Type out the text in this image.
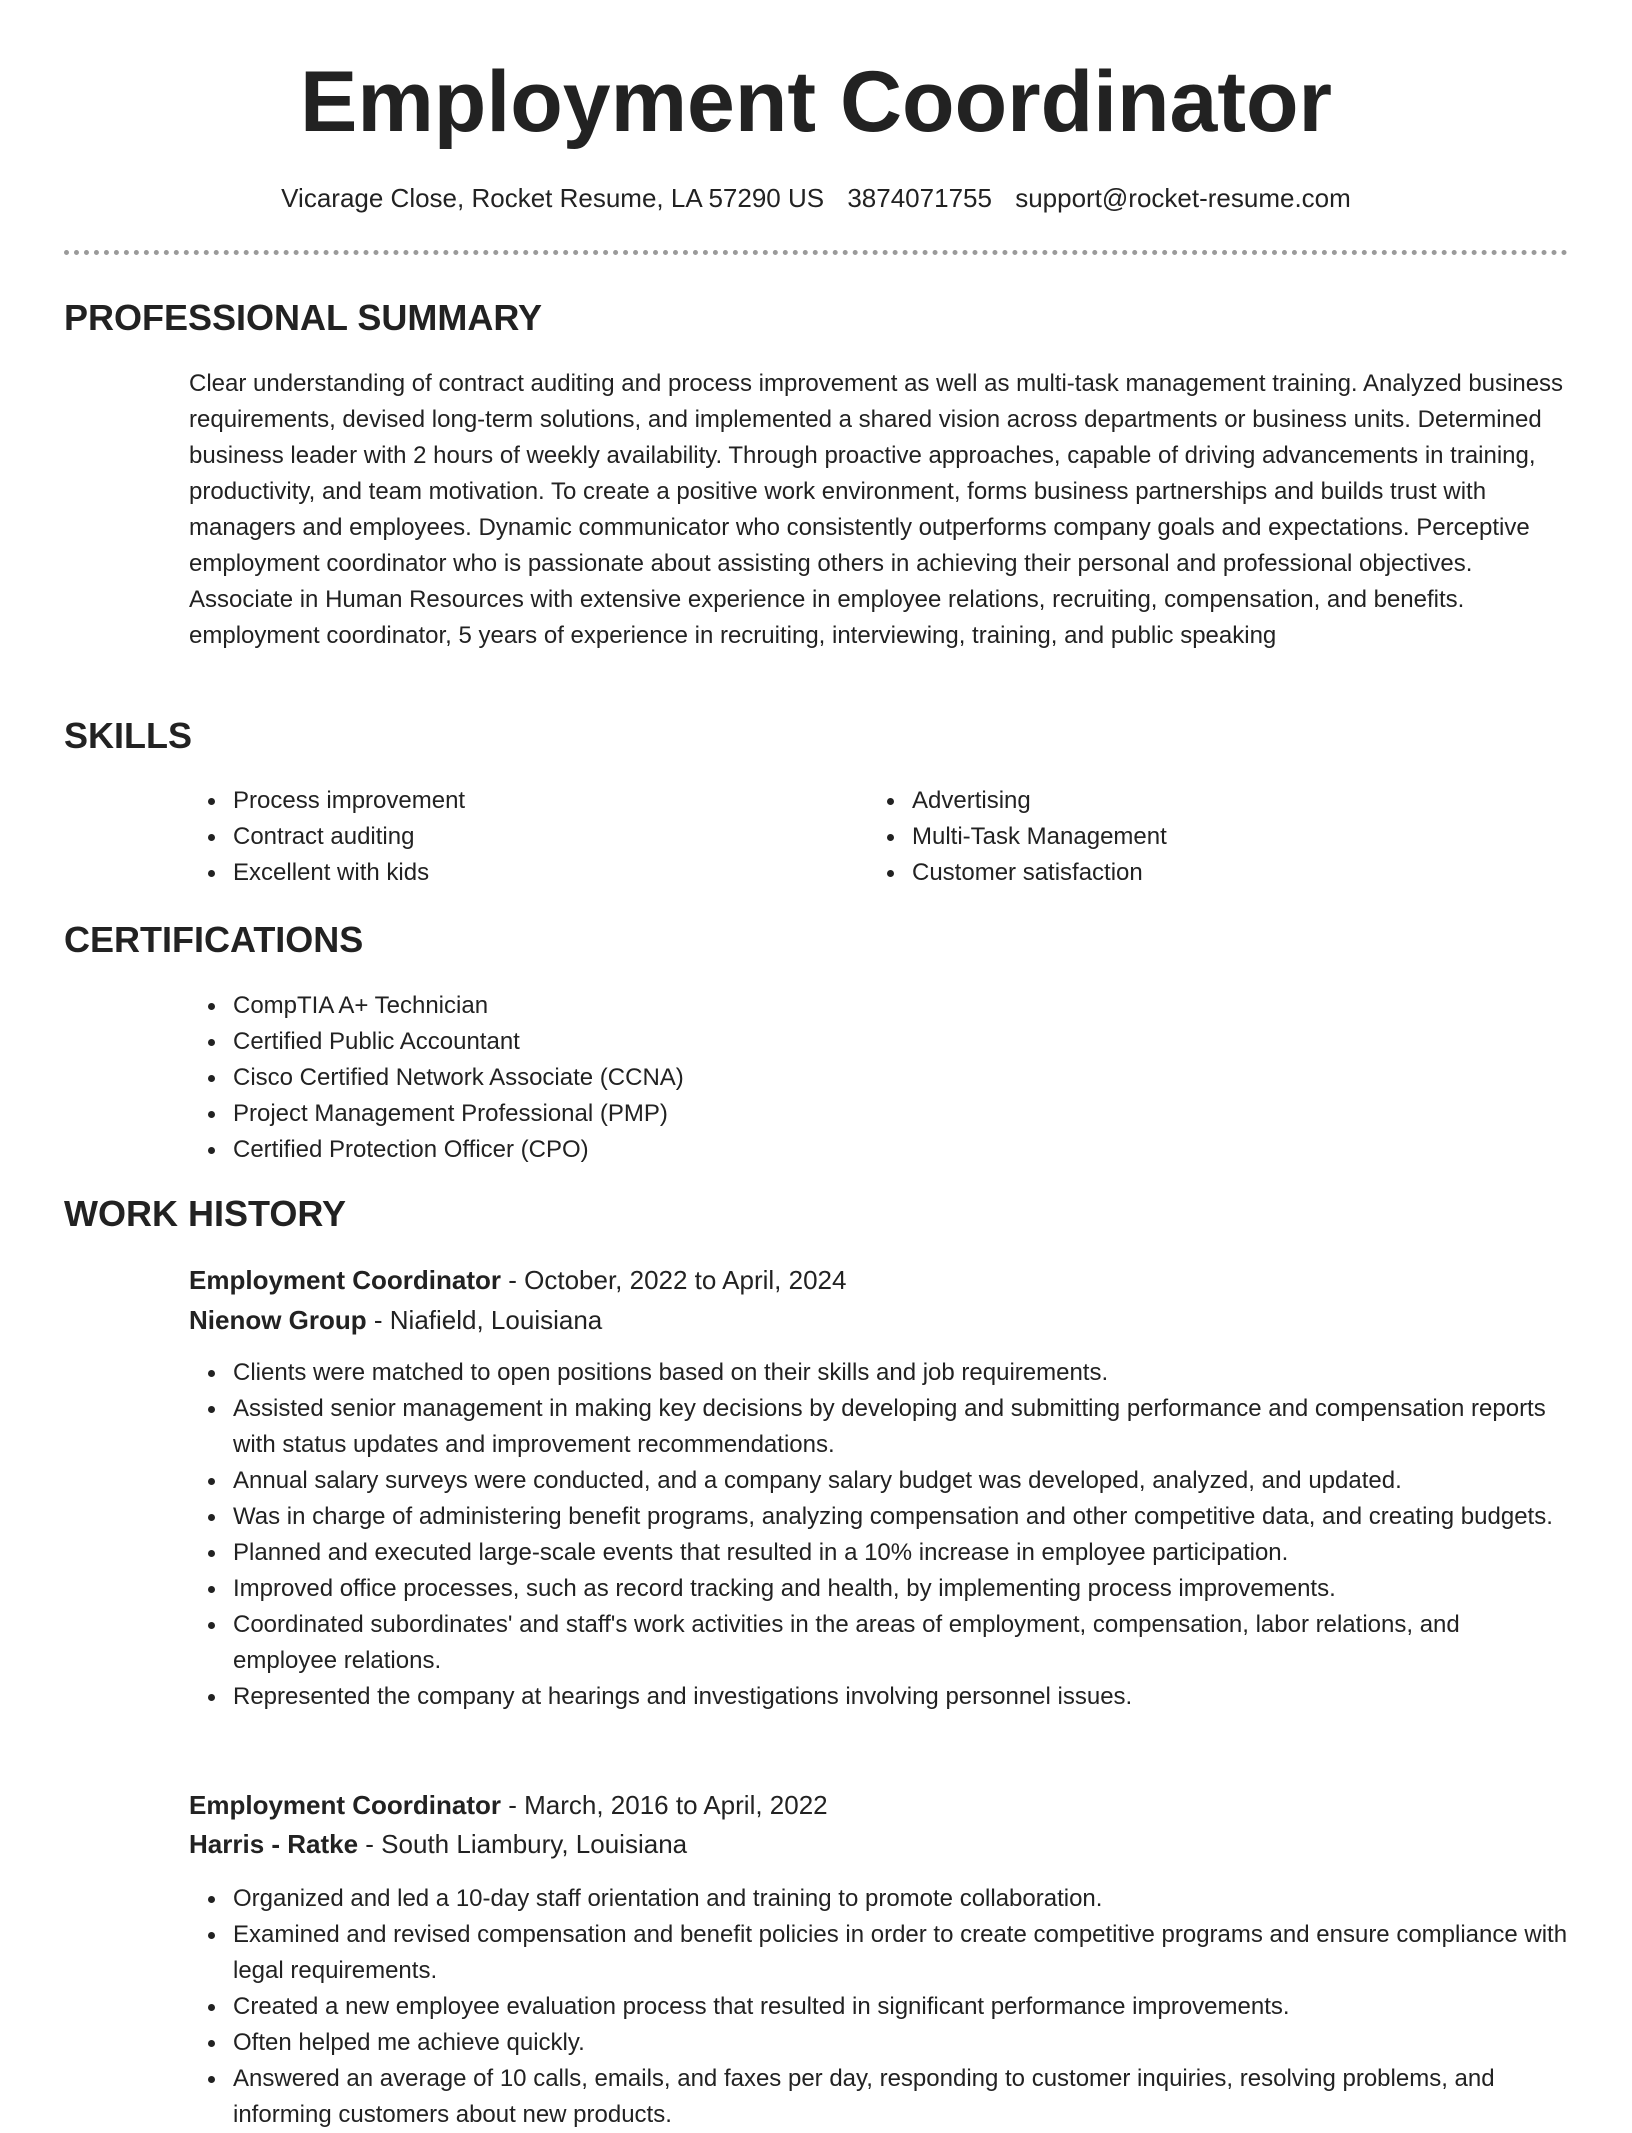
Employment Coordinator
Vicarage Close, Rocket Resume, LA 57290 US 3874071755 support@rocket-resume.com
PROFESSIONAL SUMMARY

Clear understanding of contract auditing and process improvement as well as multi-task management training. Analyzed business requirements, devised long-term solutions, and implemented a shared vision across departments or business units. Determined business leader with 2 hours of weekly availability. Through proactive approaches, capable of driving advancements in training, productivity, and team motivation. To create a positive work environment, forms business partnerships and builds trust with managers and employees. Dynamic communicator who consistently outperforms company goals and expectations. Perceptive employment coordinator who is passionate about assisting others in achieving their personal and professional objectives. Associate in Human Resources with extensive experience in employee relations, recruiting, compensation, and benefits. employment coordinator, 5 years of experience in recruiting, interviewing, training, and public speaking

SKILLS
Process improvement
Contract auditing
Excellent with kids
Advertising
Multi-Task Management
Customer satisfaction
CERTIFICATIONS
CompTIA A+ Technician
Certified Public Accountant
Cisco Certified Network Associate (CCNA)
Project Management Professional (PMP)
Certified Protection Officer (CPO)
WORK HISTORY
Employment Coordinator - October, 2022 to April, 2024
Nienow Group - Niafield, Louisiana
Clients were matched to open positions based on their skills and job requirements.
Assisted senior management in making key decisions by developing and submitting performance and compensation reports with status updates and improvement recommendations.
Annual salary surveys were conducted, and a company salary budget was developed, analyzed, and updated.
Was in charge of administering benefit programs, analyzing compensation and other competitive data, and creating budgets.
Planned and executed large-scale events that resulted in a 10% increase in employee participation.
Improved office processes, such as record tracking and health, by implementing process improvements.
Coordinated subordinates' and staff's work activities in the areas of employment, compensation, labor relations, and employee relations.
Represented the company at hearings and investigations involving personnel issues.
Employment Coordinator - March, 2016 to April, 2022
Harris - Ratke - South Liambury, Louisiana
Organized and led a 10-day staff orientation and training to promote collaboration.
Examined and revised compensation and benefit policies in order to create competitive programs and ensure compliance with legal requirements.
Created a new employee evaluation process that resulted in significant performance improvements.
Often helped me achieve quickly.
Answered an average of 10 calls, emails, and faxes per day, responding to customer inquiries, resolving problems, and informing customers about new products.
